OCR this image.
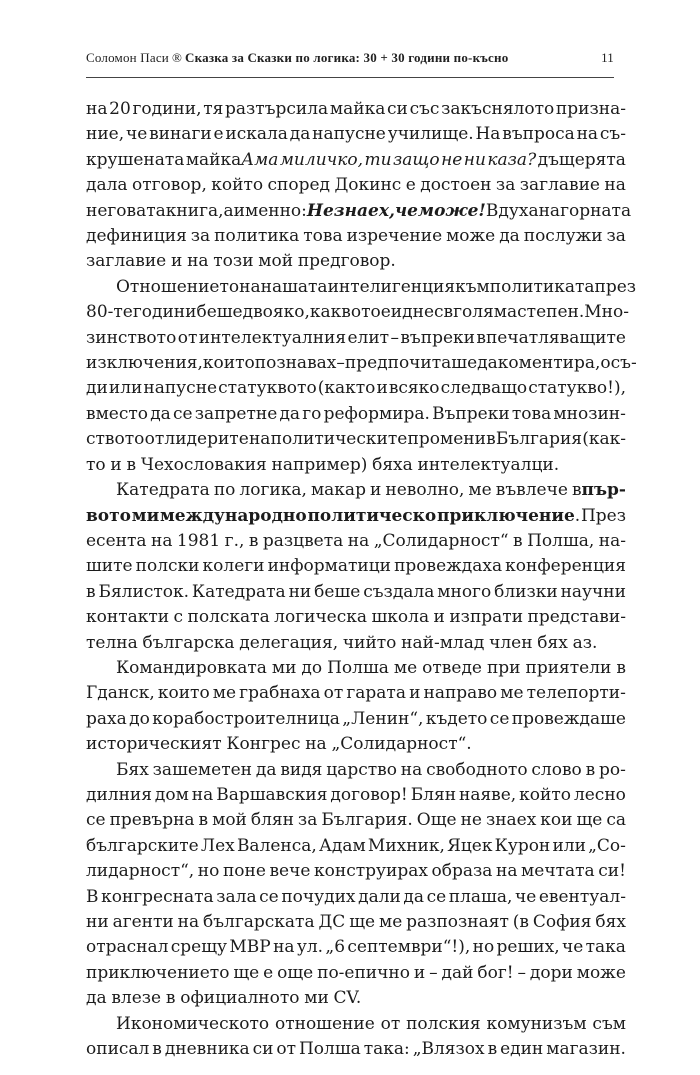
Соломон Паси ® Сказка за Сказки по логика: 30 + 30 години по-късно	11
на 20 години, тя разтърсила майка си със закъснялото призна-
ние, че винаги е искала да напусне училище. На въпроса на съ-
крушената майкаАма миличко, ти защо не ни каза? дъщерята
дала отговор, който според Докинс е достоен за заглавие на
неговата книга, а именно:Не знаех, че може! В духа на горната
дефиниция за политика това изречение може да послужи за
заглавие и на този мой предговор.
Отношението на нашата интелигенция към политиката през
80-те години беше двояко, каквото е и днес в голяма степен. Мно-
зинството от интелектуалния елит – въпреки впечатляващите
изключения, които познавах – предпочиташе да коментира, осъ-
ди или напусне статуквото (както и всяко следващо статукво!),
вместо да се запретне да го реформира. Въпреки това мнозин-
ството от лидерите на политическите промени в България (как-
то и в Чехословакия например) бяха интелектуалци.
Катедрата по логика, макар и неволно, ме въвлече впър-
вото ми международно политическо приключение. През
есента на 1981 г., в разцвета на „Солидарност“ в Полша, на-
шите полски колеги информатици провеждаха конференция
в Бялисток. Катедрата ни беше създала много близки научни
контакти с полската логическа школа и изпрати представи-
телна българска делегация, чийто най-млад член бях аз.
Командировката ми до Полша ме отведе при приятели в
Гданск, които ме грабнаха от гарата и направо ме телепорти-
раха до корабостроителница „Ленин“, където се провеждаше
историческият Конгрес на „Солидарност“.
Бях зашеметен да видя царство на свободното слово в ро-
дилния дом на Варшавския договор! Блян наяве, който лесно
се превърна в мой блян за България. Още не знаех кои ще са
българските Лех Валенса, Адам Михник, Яцек Курон или „Со-
лидарност“, но поне вече конструирах образа на мечтата си!
В конгресната зала се почудих дали да се плаша, че евентуал-
ни агенти на българската ДС ще ме разпознаят (в София бях
отраснал срещу МВР на ул. „6 септември“!), но реших, че така
приключението ще е още по-епично и – дай бог! – дори може
да влезе в официалното ми CV.
Икономическото отношение от полския комунизъм съм
описал в дневника си от Полша така: „Влязох в един магазин.
